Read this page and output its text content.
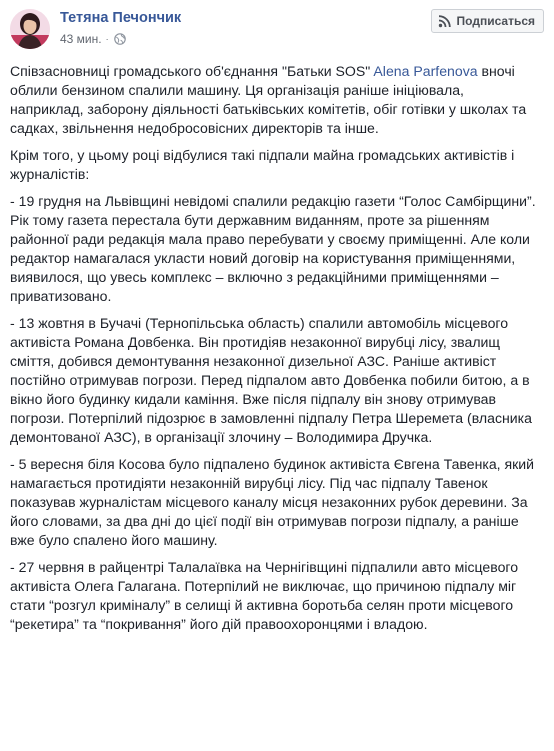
Тетяна Печончик
43 мин. ·
Подписаться

Співзасновниці громадського об'єднання "Батьки SOS" Alena Parfenova вночі облили бензином спалили машину. Ця організація раніше ініціювала, наприклад, заборону діяльності батьківських комітетів, обіг готівки у школах та садках, звільнення недобросовісних директорів та інше.

Крім того, у цьому році відбулися такі підпали майна громадських активістів і журналістів:

- 19 грудня на Львівщині невідомі спалили редакцію газети “Голос Самбірщини”. Рік тому газета перестала бути державним виданням, проте за рішенням районної ради редакція мала право перебувати у своєму приміщенні. Але коли редактор намагалася укласти новий договір на користування приміщеннями, виявилося, що увесь комплекс – включно з редакційними приміщеннями – приватизовано.

- 13 жовтня в Бучачі (Тернопільська область) спалили автомобіль місцевого активіста Романа Довбенка. Він протидіяв незаконної вирубці лісу, звалищ сміття, добився демонтування незаконної дизельної АЗС. Раніше активіст постійно отримував погрози. Перед підпалом авто Довбенка побили битою, а в вікно його будинку кидали каміння. Вже після підпалу він знову отримував погрози. Потерпілий підозрює в замовленні підпалу Петра Шеремета (власника демонтованої АЗС), в організації злочину – Володимира Дручка.

- 5 вересня біля Косова було підпалено будинок активіста Євгена Тавенка, який намагається протидіяти незаконній вирубці лісу. Під час підпалу Тавенок показував журналістам місцевого каналу місця незаконних рубок деревини. За його словами, за два дні до цієї події він отримував погрози підпалу, а раніше вже було спалено його машину.

- 27 червня в райцентрі Талалаївка на Чернігівщині підпалили авто місцевого активіста Олега Галагана. Потерпілий не виключає, що причиною підпалу міг стати “розгул криміналу” в селищі й активна боротьба селян проти місцевого “рекетира” та “покривання” його дій правоохоронцями і владою.
